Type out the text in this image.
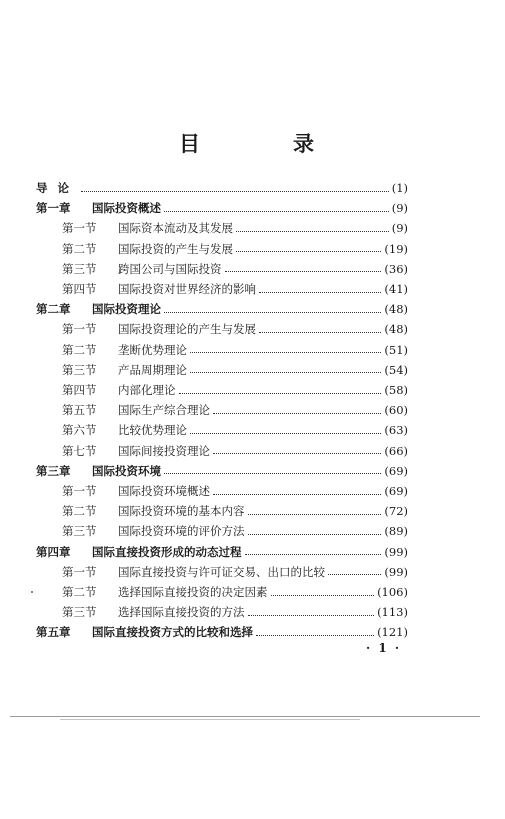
目　录
导论	(1)
第一章	国际投资概述	(9)
第一节	国际资本流动及其发展	(9)
第二节	国际投资的产生与发展	(19)
第三节	跨国公司与国际投资	(36)
第四节	国际投资对世界经济的影响	(41)
第二章	国际投资理论	(48)
第一节	国际投资理论的产生与发展	(48)
第二节	垄断优势理论	(51)
第三节	产品周期理论	(54)
第四节	内部化理论	(58)
第五节	国际生产综合理论	(60)
第六节	比较优势理论	(63)
第七节	国际间接投资理论	(66)
第三章	国际投资环境	(69)
第一节	国际投资环境概述	(69)
第二节	国际投资环境的基本内容	(72)
第三节	国际投资环境的评价方法	(89)
第四章	国际直接投资形成的动态过程	(99)
第一节	国际直接投资与许可证交易、出口的比较	(99)
第二节	选择国际直接投资的决定因素	(106)
第三节	选择国际直接投资的方法	(113)
第五章	国际直接投资方式的比较和选择	(121)
· 1 ·
